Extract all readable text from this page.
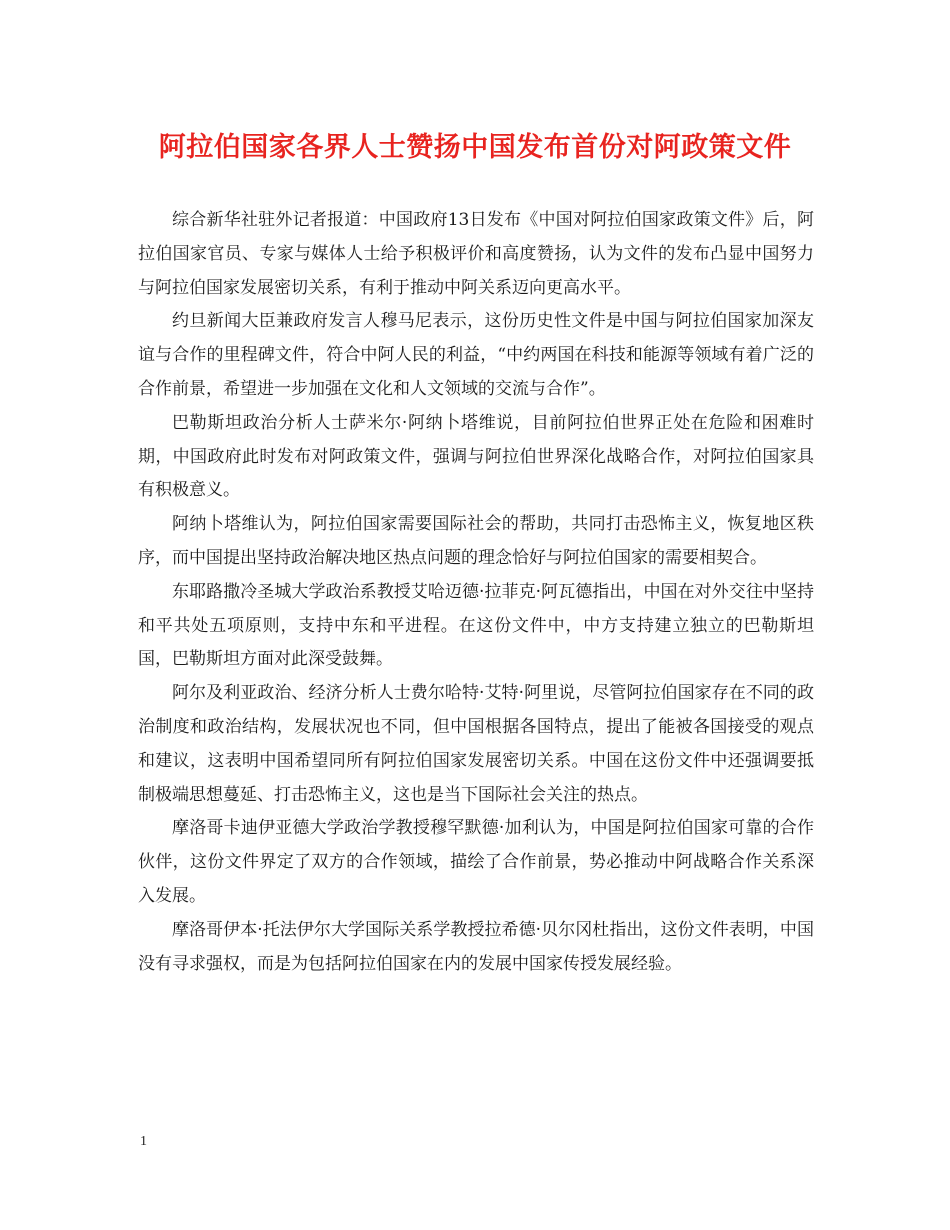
阿拉伯国家各界人士赞扬中国发布首份对阿政策文件

综合新华社驻外记者报道：中国政府13日发布《中国对阿拉伯国家政策文件》后，阿拉伯国家官员、专家与媒体人士给予积极评价和高度赞扬，认为文件的发布凸显中国努力与阿拉伯国家发展密切关系，有利于推动中阿关系迈向更高水平。

约旦新闻大臣兼政府发言人穆马尼表示，这份历史性文件是中国与阿拉伯国家加深友谊与合作的里程碑文件，符合中阿人民的利益，“中约两国在科技和能源等领域有着广泛的合作前景，希望进一步加强在文化和人文领域的交流与合作”。

巴勒斯坦政治分析人士萨米尔·阿纳卜塔维说，目前阿拉伯世界正处在危险和困难时期，中国政府此时发布对阿政策文件，强调与阿拉伯世界深化战略合作，对阿拉伯国家具有积极意义。

阿纳卜塔维认为，阿拉伯国家需要国际社会的帮助，共同打击恐怖主义，恢复地区秩序，而中国提出坚持政治解决地区热点问题的理念恰好与阿拉伯国家的需要相契合。

东耶路撒冷圣城大学政治系教授艾哈迈德·拉菲克·阿瓦德指出，中国在对外交往中坚持和平共处五项原则，支持中东和平进程。在这份文件中，中方支持建立独立的巴勒斯坦国，巴勒斯坦方面对此深受鼓舞。

阿尔及利亚政治、经济分析人士费尔哈特·艾特·阿里说，尽管阿拉伯国家存在不同的政治制度和政治结构，发展状况也不同，但中国根据各国特点，提出了能被各国接受的观点和建议，这表明中国希望同所有阿拉伯国家发展密切关系。中国在这份文件中还强调要抵制极端思想蔓延、打击恐怖主义，这也是当下国际社会关注的热点。

摩洛哥卡迪伊亚德大学政治学教授穆罕默德·加利认为，中国是阿拉伯国家可靠的合作伙伴，这份文件界定了双方的合作领域，描绘了合作前景，势必推动中阿战略合作关系深入发展。

摩洛哥伊本·托法伊尔大学国际关系学教授拉希德·贝尔冈杜指出，这份文件表明，中国没有寻求强权，而是为包括阿拉伯国家在内的发展中国家传授发展经验。

1
